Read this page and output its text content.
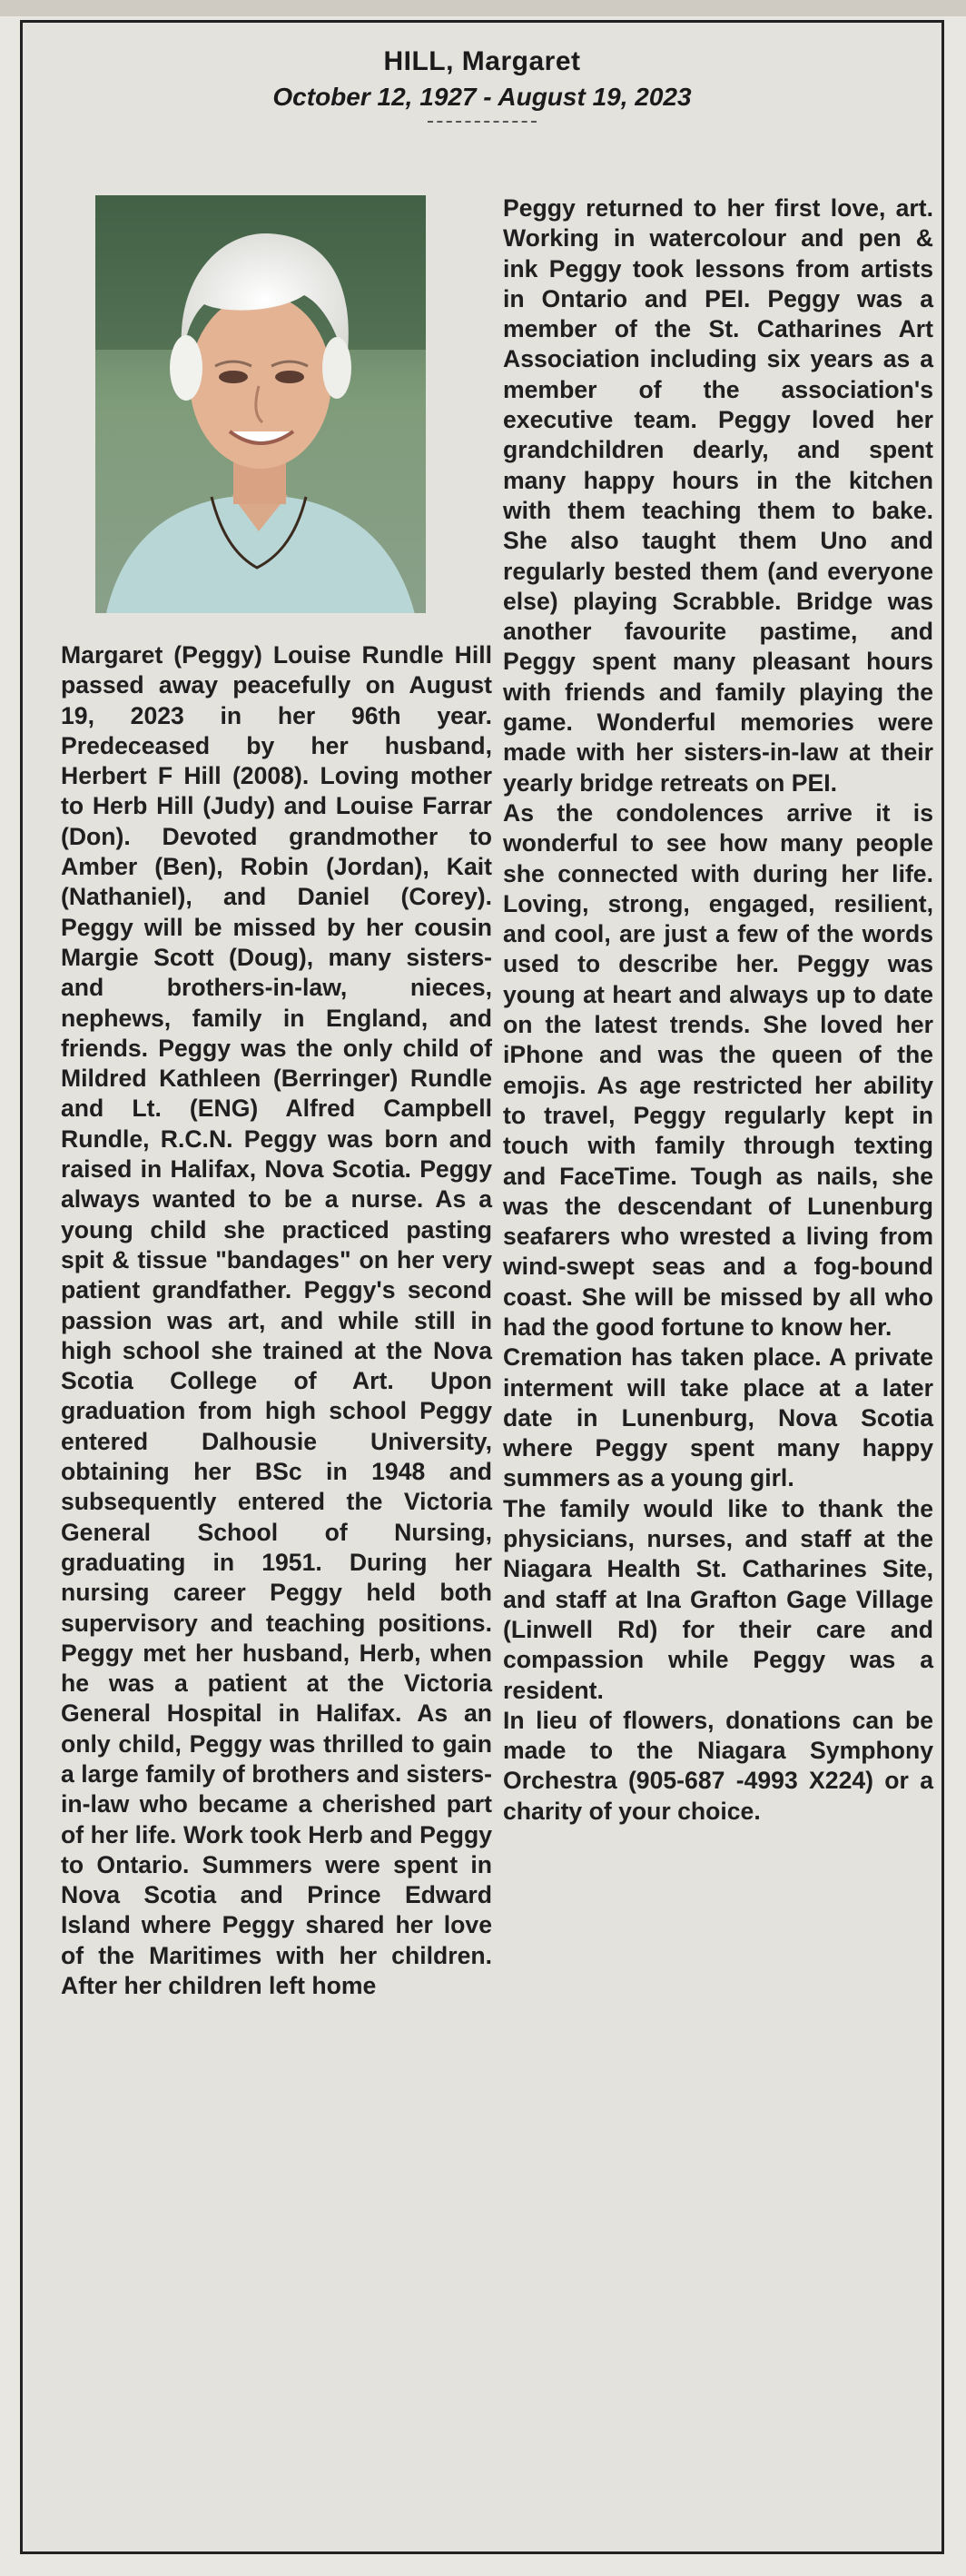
HILL, Margaret
October 12, 1927 - August 19, 2023

Margaret (Peggy) Louise Rundle Hill passed away peacefully on August 19, 2023 in her 96th year. Predeceased by her husband, Herbert F Hill (2008). Loving mother to Herb Hill (Judy) and Louise Farrar (Don). Devoted grandmother to Amber (Ben), Robin (Jordan), Kait (Nathaniel), and Daniel (Corey). Peggy will be missed by her cousin Margie Scott (Doug), many sisters- and brothers-in-law, nieces, nephews, family in England, and friends. Peggy was the only child of Mildred Kathleen (Berringer) Rundle and Lt. (ENG) Alfred Campbell Rundle, R.C.N. Peggy was born and raised in Halifax, Nova Scotia. Peggy always wanted to be a nurse. As a young child she practiced pasting spit & tissue "bandages" on her very patient grandfather. Peggy's second passion was art, and while still in high school she trained at the Nova Scotia College of Art. Upon graduation from high school Peggy entered Dalhousie University, obtaining her BSc in 1948 and subsequently entered the Victoria General School of Nursing, graduating in 1951. During her nursing career Peggy held both supervisory and teaching positions. Peggy met her husband, Herb, when he was a patient at the Victoria General Hospital in Halifax. As an only child, Peggy was thrilled to gain a large family of brothers and sisters-in-law who became a cherished part of her life. Work took Herb and Peggy to Ontario. Summers were spent in Nova Scotia and Prince Edward Island where Peggy shared her love of the Maritimes with her children. After her children left home

Peggy returned to her first love, art. Working in watercolour and pen & ink Peggy took lessons from artists in Ontario and PEI. Peggy was a member of the St. Catharines Art Association including six years as a member of the association's executive team. Peggy loved her grandchildren dearly, and spent many happy hours in the kitchen with them teaching them to bake. She also taught them Uno and regularly bested them (and everyone else) playing Scrabble. Bridge was another favourite pastime, and Peggy spent many pleasant hours with friends and family playing the game. Wonderful memories were made with her sisters-in-law at their yearly bridge retreats on PEI.

As the condolences arrive it is wonderful to see how many people she connected with during her life. Loving, strong, engaged, resilient, and cool, are just a few of the words used to describe her. Peggy was young at heart and always up to date on the latest trends. She loved her iPhone and was the queen of the emojis. As age restricted her ability to travel, Peggy regularly kept in touch with family through texting and FaceTime. Tough as nails, she was the descendant of Lunenburg seafarers who wrested a living from wind-swept seas and a fog-bound coast. She will be missed by all who had the good fortune to know her.

Cremation has taken place. A private interment will take place at a later date in Lunenburg, Nova Scotia where Peggy spent many happy summers as a young girl.

The family would like to thank the physicians, nurses, and staff at the Niagara Health St. Catharines Site, and staff at Ina Grafton Gage Village (Linwell Rd) for their care and compassion while Peggy was a resident.

In lieu of flowers, donations can be made to the Niagara Symphony Orchestra (905-687 -4993 X224) or a charity of your choice.
